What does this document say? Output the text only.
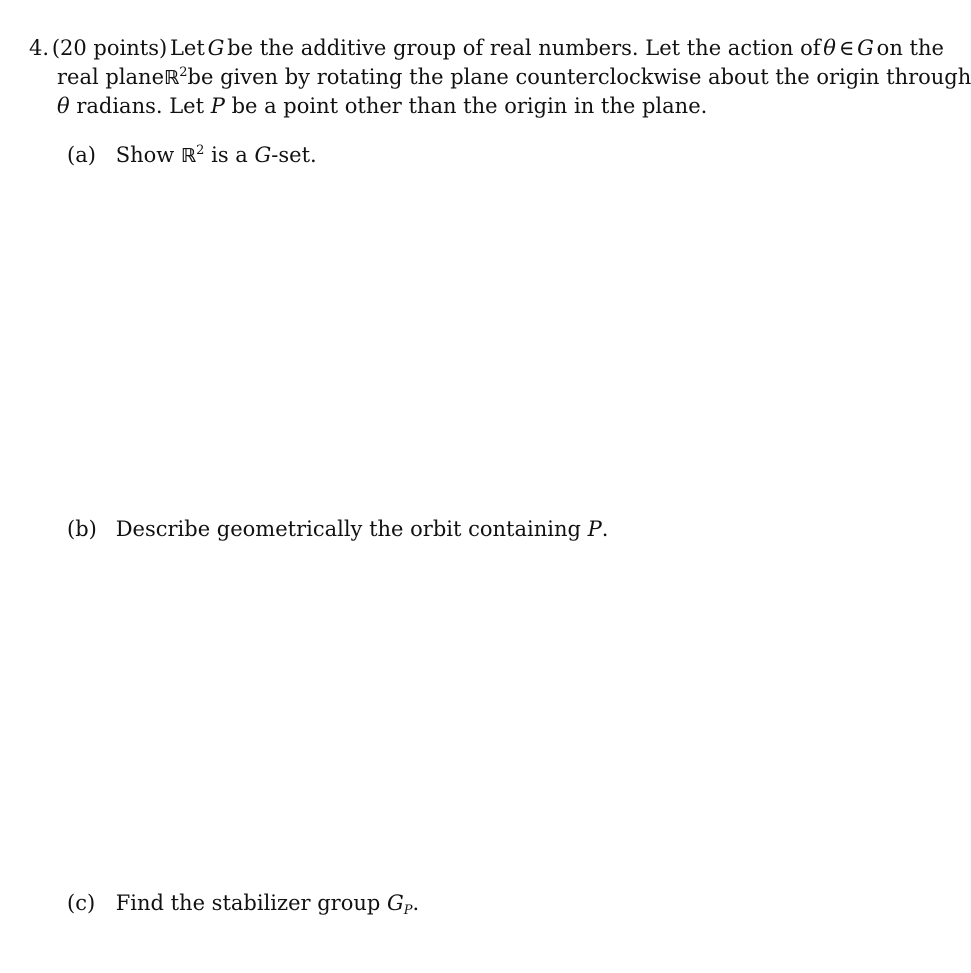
4. (20 points) Let G be the additive group of real numbers. Let the action of θ ∈ G on the
real plane ℝ$^2$ be given by rotating the plane counterclockwise about the origin through
θ radians. Let P be a point other than the origin in the plane.
(a) Show ℝ$^2$ is a G-set.
(b) Describe geometrically the orbit containing P.
(c) Find the stabilizer group $G_P$.
